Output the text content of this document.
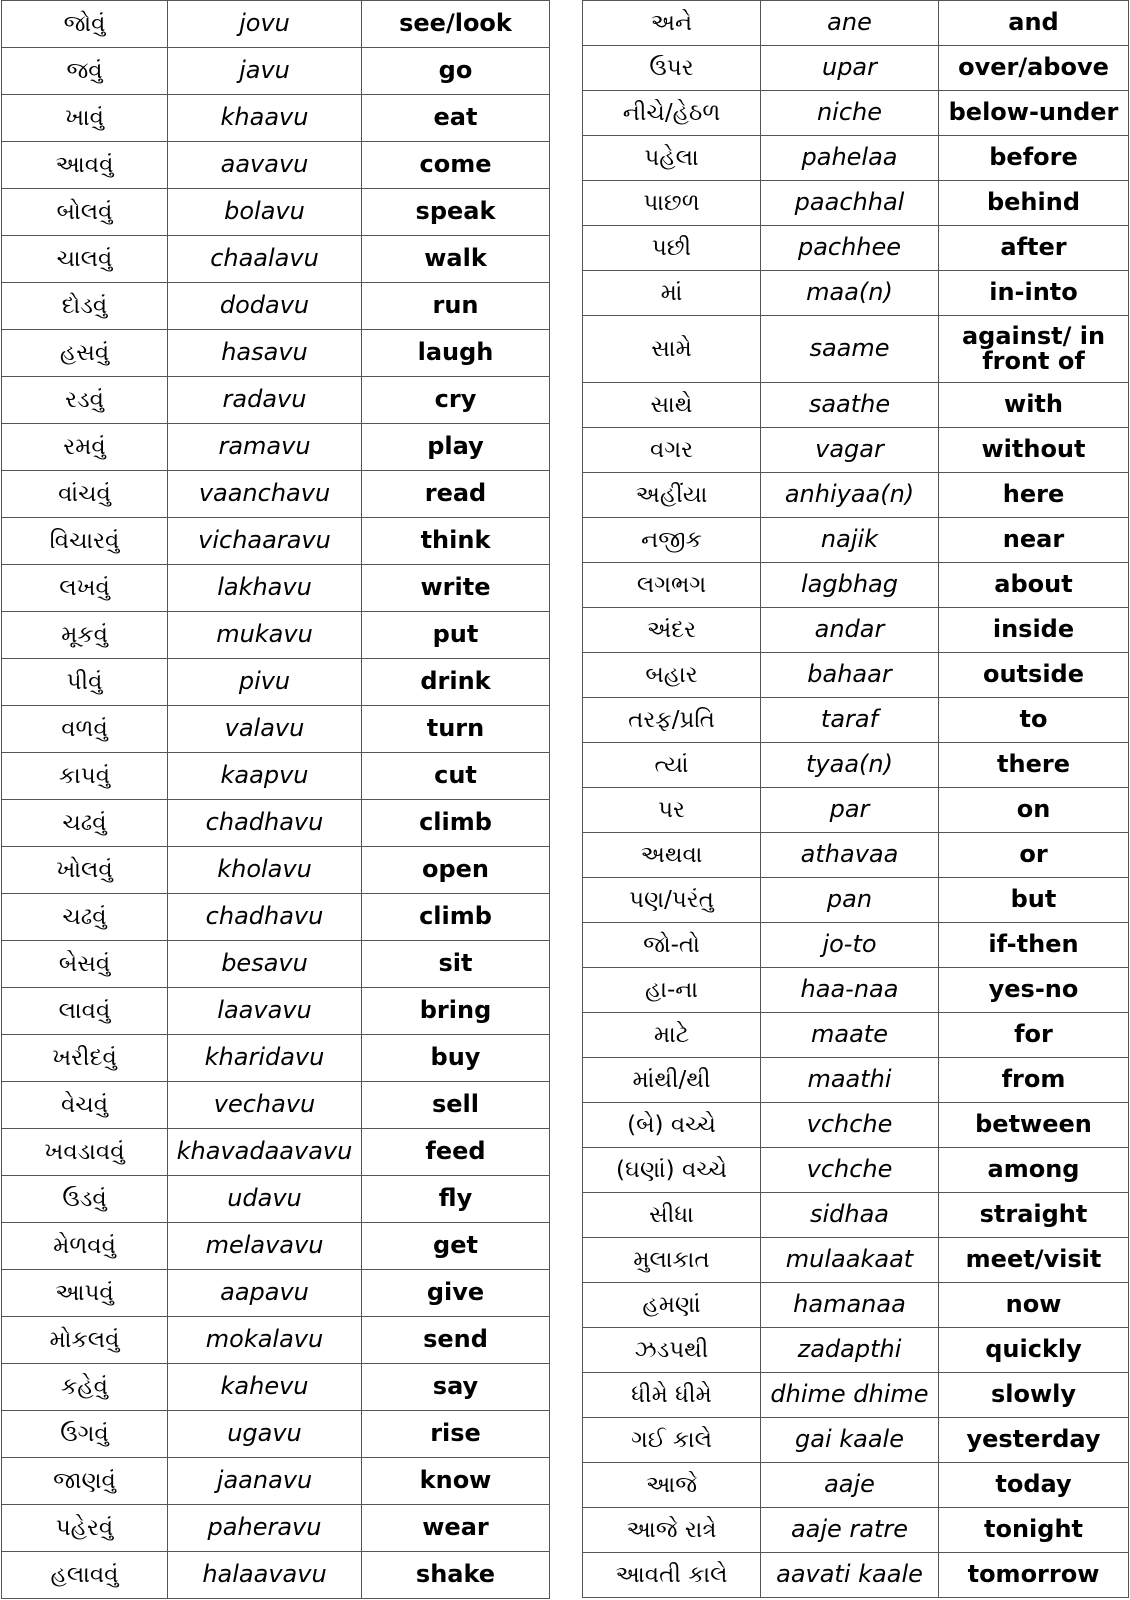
જોવું	jovu	see/look
જવું	javu	go
ખાવું	khaavu	eat
આવવું	aavavu	come
બોલવું	bolavu	speak
ચાલવું	chaalavu	walk
દોડવું	dodavu	run
હસવું	hasavu	laugh
રડવું	radavu	cry
રમવું	ramavu	play
વાંચવું	vaanchavu	read
વિચારવું	vichaaravu	think
લખવું	lakhavu	write
મૂકવું	mukavu	put
પીવું	pivu	drink
વળવું	valavu	turn
કાપવું	kaapvu	cut
ચઢવું	chadhavu	climb
ખોલવું	kholavu	open
ચઢવું	chadhavu	climb
બેસવું	besavu	sit
લાવવું	laavavu	bring
ખરીદવું	kharidavu	buy
વેચવું	vechavu	sell
ખવડાવવું	khavadaavavu	feed
ઉડવું	udavu	fly
મેળવવું	melavavu	get
આપવું	aapavu	give
મોકલવું	mokalavu	send
કહેવું	kahevu	say
ઉગવું	ugavu	rise
જાણવું	jaanavu	know
પહેરવું	paheravu	wear
હલાવવું	halaavavu	shake
અને	ane	and
ઉપર	upar	over/above
નીચે/હેઠળ	niche	below-under
પહેલા	pahelaa	before
પાછળ	paachhal	behind
પછી	pachhee	after
માં	maa(n)	in-into
સામે	saame	against/ in front of
સાથે	saathe	with
વગર	vagar	without
અહીંયા	anhiyaa(n)	here
નજીક	najik	near
લગભગ	lagbhag	about
અંદર	andar	inside
બહાર	bahaar	outside
તરફ/પ્રતિ	taraf	to
ત્યાં	tyaa(n)	there
પર	par	on
અથવા	athavaa	or
પણ/પરંતુ	pan	but
જો-તો	jo-to	if-then
હા-ના	haa-naa	yes-no
માટે	maate	for
માંથી/થી	maathi	from
(બે) વચ્ચે	vchche	between
(ઘણાં) વચ્ચે	vchche	among
સીધા	sidhaa	straight
મુલાકાત	mulaakaat	meet/visit
હમણાં	hamanaa	now
ઝડપથી	zadapthi	quickly
ધીમે ધીમે	dhime dhime	slowly
ગઈ કાલે	gai kaale	yesterday
આજે	aaje	today
આજે રાત્રે	aaje ratre	tonight
આવતી કાલે	aavati kaale	tomorrow
